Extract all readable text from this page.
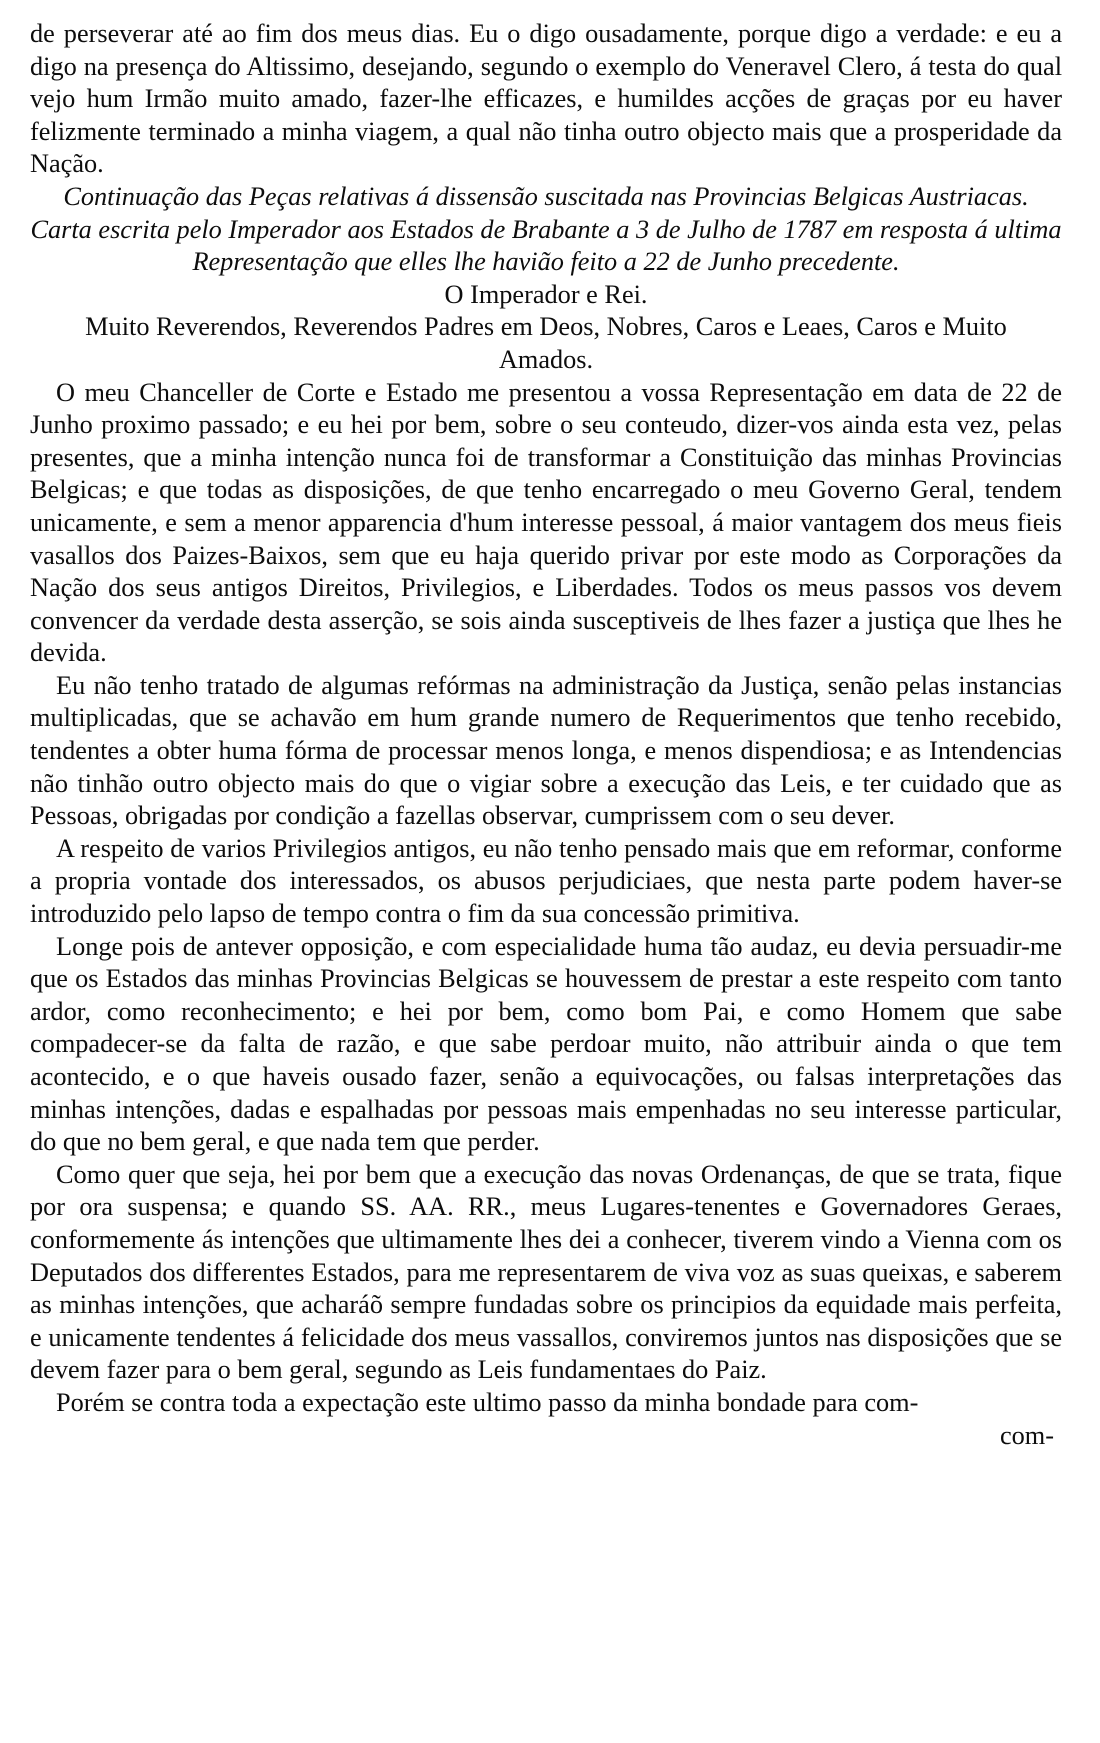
de perseverar até ao fim dos meus dias. Eu o digo ousadamente, porque digo a verdade: e eu a digo na presença do Altissimo, desejando, segundo o exemplo do Veneravel Clero, á testa do qual vejo hum Irmão muito amado, fazer-lhe efficazes, e humildes acções de graças por eu haver felizmente terminado a minha viagem, a qual não tinha outro objecto mais que a prosperidade da Nação.

Continuação das Peças relativas á dissensão suscitada nas Provincias Belgicas Austriacas.

Carta escrita pelo Imperador aos Estados de Brabante a 3 de Julho de 1787 em resposta á ultima Representação que elles lhe havião feito a 22 de Junho precedente.

O Imperador e Rei.

Muito Reverendos, Reverendos Padres em Deos, Nobres, Caros e Leaes, Caros e Muito Amados.

O meu Chanceller de Corte e Estado me presentou a vossa Representação em data de 22 de Junho proximo passado; e eu hei por bem, sobre o seu conteudo, dizer-vos ainda esta vez, pelas presentes, que a minha intenção nunca foi de transformar a Constituição das minhas Provincias Belgicas; e que todas as disposições, de que tenho encarregado o meu Governo Geral, tendem unicamente, e sem a menor apparencia d'hum interesse pessoal, á maior vantagem dos meus fieis vasallos dos Paizes-Baixos, sem que eu haja querido privar por este modo as Corporações da Nação dos seus antigos Direitos, Privilegios, e Liberdades. Todos os meus passos vos devem convencer da verdade desta asserção, se sois ainda susceptiveis de lhes fazer a justiça que lhes he devida.

Eu não tenho tratado de algumas refórmas na administração da Justiça, senão pelas instancias multiplicadas, que se achavão em hum grande numero de Requerimentos que tenho recebido, tendentes a obter huma fórma de processar menos longa, e menos dispendiosa; e as Intendencias não tinhão outro objecto mais do que o vigiar sobre a execução das Leis, e ter cuidado que as Pessoas, obrigadas por condição a fazellas observar, cumprissem com o seu dever.

A respeito de varios Privilegios antigos, eu não tenho pensado mais que em reformar, conforme a propria vontade dos interessados, os abusos perjudiciaes, que nesta parte podem haver-se introduzido pelo lapso de tempo contra o fim da sua concessão primitiva.

Longe pois de antever opposição, e com especialidade huma tão audaz, eu devia persuadir-me que os Estados das minhas Provincias Belgicas se houvessem de prestar a este respeito com tanto ardor, como reconhecimento; e hei por bem, como bom Pai, e como Homem que sabe compadecer-se da falta de razão, e que sabe perdoar muito, não attribuir ainda o que tem acontecido, e o que haveis ousado fazer, senão a equivocações, ou falsas interpretações das minhas intenções, dadas e espalhadas por pessoas mais empenhadas no seu interesse particular, do que no bem geral, e que nada tem que perder.

Como quer que seja, hei por bem que a execução das novas Ordenanças, de que se trata, fique por ora suspensa; e quando SS. AA. RR., meus Lugares-tenentes e Governadores Geraes, conformemente ás intenções que ultimamente lhes dei a conhecer, tiverem vindo a Vienna com os Deputados dos differentes Estados, para me representarem de viva voz as suas queixas, e saberem as minhas intenções, que acharáõ sempre fundadas sobre os principios da equidade mais perfeita, e unicamente tendentes á felicidade dos meus vassallos, conviremos juntos nas disposições que se devem fazer para o bem geral, segundo as Leis fundamentaes do Paiz.

Porém se contra toda a expectação este ultimo passo da minha bondade para com-

com-
